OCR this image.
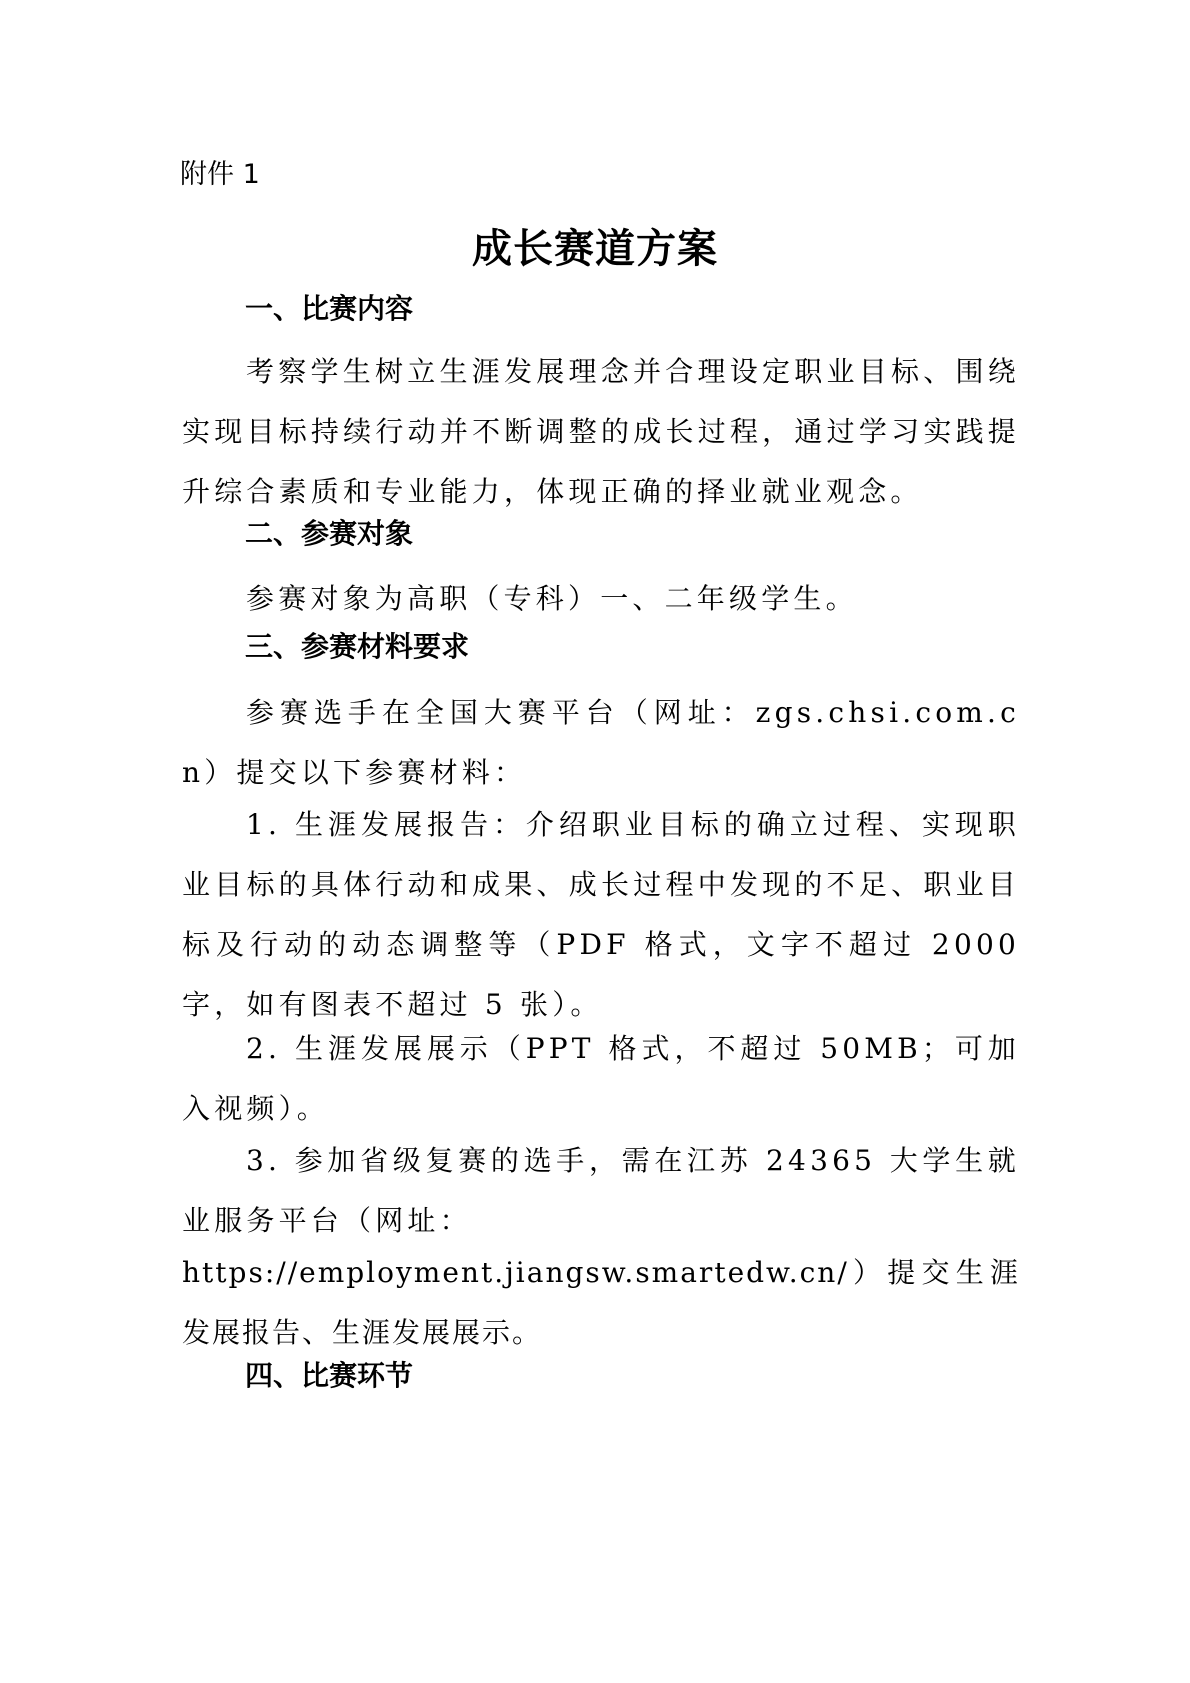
附件 1
成长赛道方案
一、比赛内容
考察学生树立生涯发展理念并合理设定职业目标、围绕实现目标持续行动并不断调整的成长过程，通过学习实践提升综合素质和专业能力，体现正确的择业就业观念。
二、参赛对象
参赛对象为高职（专科）一、二年级学生。
三、参赛材料要求
参赛选手在全国大赛平台（网址：zgs.chsi.com.cn）提交以下参赛材料：
1. 生涯发展报告：介绍职业目标的确立过程、实现职业目标的具体行动和成果、成长过程中发现的不足、职业目标及行动的动态调整等（PDF 格式，文字不超过 2000 字，如有图表不超过 5 张）。
2. 生涯发展展示（PPT 格式，不超过 50MB；可加入视频）。
3. 参加省级复赛的选手，需在江苏 24365 大学生就业服务平台（网址：
https://employment.jiangsw.smartedw.cn/）提交生涯发展报告、生涯发展展示。
四、比赛环节
